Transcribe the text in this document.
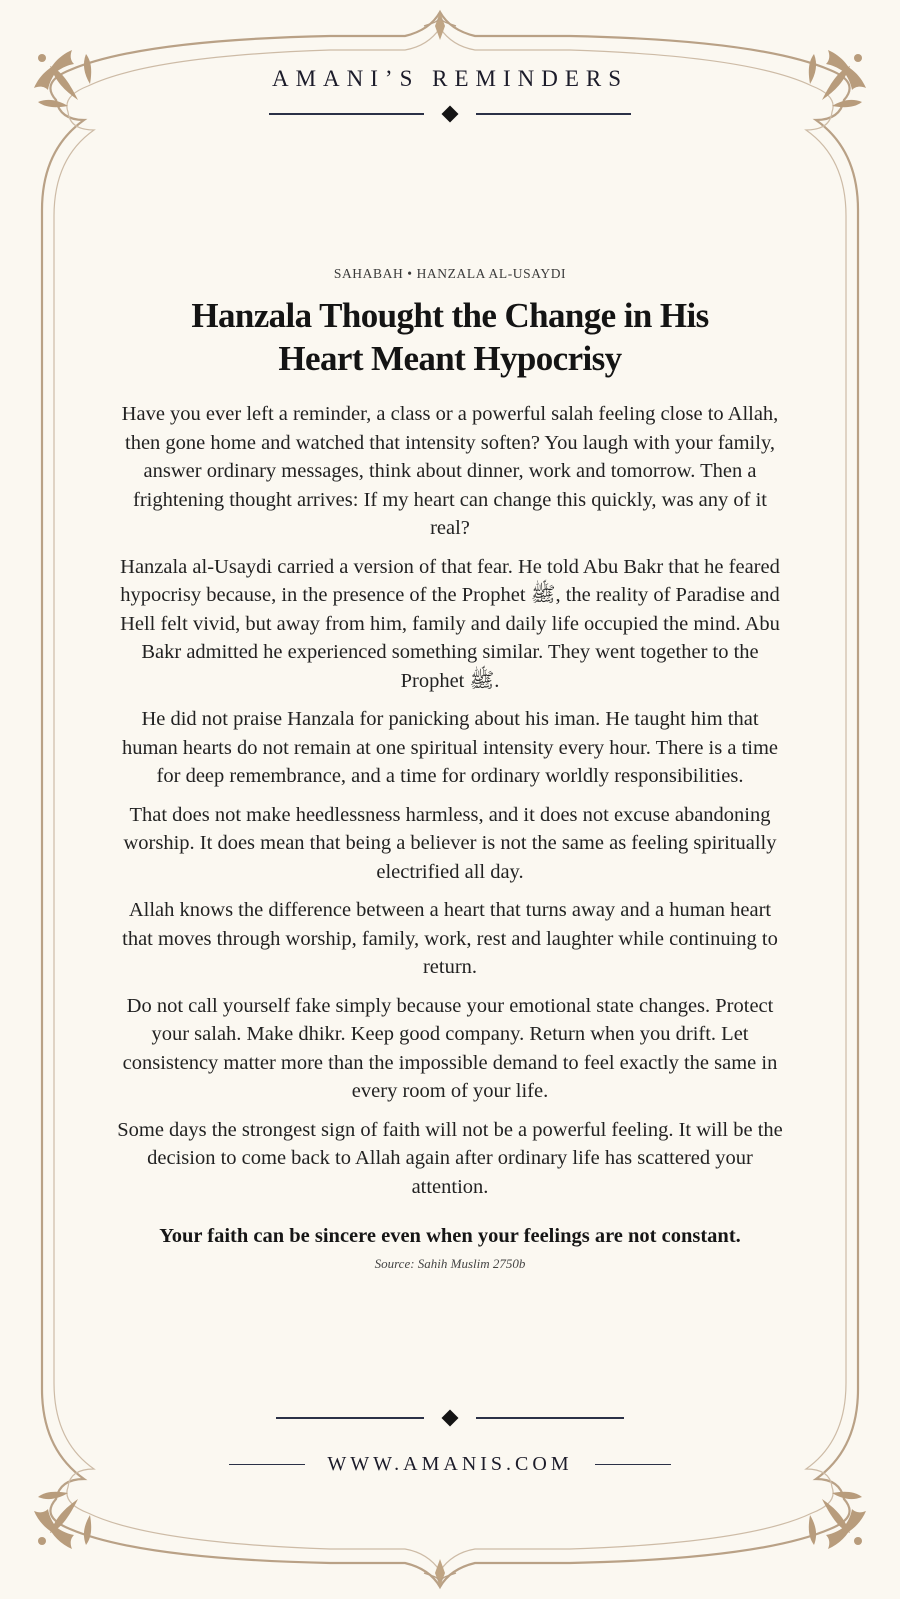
AMANI’S REMINDERS
SAHABAH • HANZALA AL-USAYDI
Hanzala Thought the Change in His
Heart Meant Hypocrisy

Have you ever left a reminder, a class or a powerful salah feeling close to Allah, then gone home and watched that intensity soften? You laugh with your family, answer ordinary messages, think about dinner, work and tomorrow. Then a frightening thought arrives: If my heart can change this quickly, was any of it real?

Hanzala al-Usaydi carried a version of that fear. He told Abu Bakr that he feared hypocrisy because, in the presence of the Prophet ﷺ, the reality of Paradise and Hell felt vivid, but away from him, family and daily life occupied the mind. Abu Bakr admitted he experienced something similar. They went together to the Prophet ﷺ.

He did not praise Hanzala for panicking about his iman. He taught him that human hearts do not remain at one spiritual intensity every hour. There is a time for deep remembrance, and a time for ordinary worldly responsibilities.

That does not make heedlessness harmless, and it does not excuse abandoning worship. It does mean that being a believer is not the same as feeling spiritually electrified all day.

Allah knows the difference between a heart that turns away and a human heart that moves through worship, family, work, rest and laughter while continuing to return.

Do not call yourself fake simply because your emotional state changes. Protect your salah. Make dhikr. Keep good company. Return when you drift. Let consistency matter more than the impossible demand to feel exactly the same in every room of your life.

Some days the strongest sign of faith will not be a powerful feeling. It will be the decision to come back to Allah again after ordinary life has scattered your attention.

Your faith can be sincere even when your feelings are not constant.
Source: Sahih Muslim 2750b
WWW.AMANIS.COM
